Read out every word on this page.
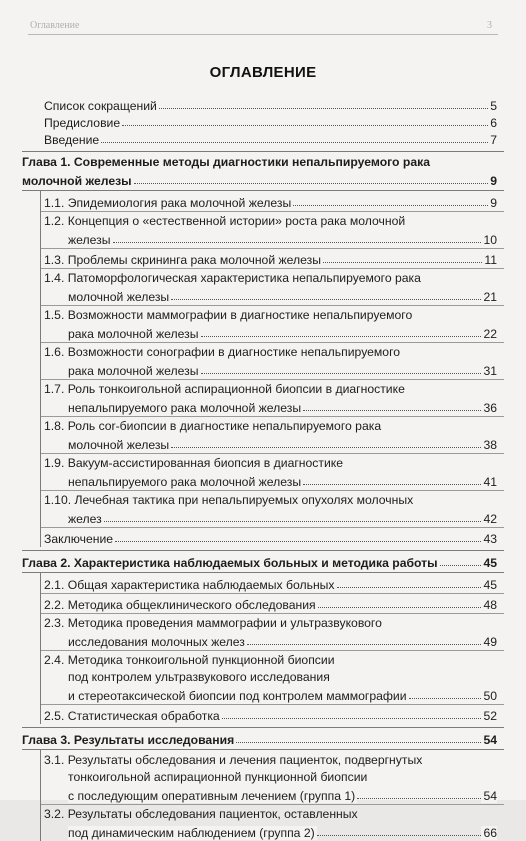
Оглавление	3
ОГЛАВЛЕНИЕ
Список сокращений	5
Предисловие	6
Введение	7
Глава 1. Современные методы диагностики непальпируемого рака
молочной железы	9
1.1. Эпидемиология рака молочной железы	9
1.2. Концепция о «естественной истории» роста рака молочной
железы	10
1.3. Проблемы скрининга рака молочной железы	11
1.4. Патоморфологическая характеристика непальпируемого рака
молочной железы	21
1.5. Возможности маммографии в диагностике непальпируемого
рака молочной железы	22
1.6. Возможности сонографии в диагностике непальпируемого
рака молочной железы	31
1.7. Роль тонкоигольной аспирационной биопсии в диагностике
непальпируемого рака молочной железы	36
1.8. Роль cor-биопсии в диагностике непальпируемого рака
молочной железы	38
1.9. Вакуум-ассистированная биопсия в диагностике
непальпируемого рака молочной железы	41
1.10. Лечебная тактика при непальпируемых опухолях молочных
желез	42
Заключение	43
Глава 2. Характеристика наблюдаемых больных и методика работы	45
2.1. Общая характеристика наблюдаемых больных	45
2.2. Методика общеклинического обследования	48
2.3. Методика проведения маммографии и ультразвукового
исследования молочных желез	49
2.4. Методика тонкоигольной пункционной биопсии
под контролем ультразвукового исследования
и стереотаксической биопсии под контролем маммографии	50
2.5. Статистическая обработка	52
Глава 3. Результаты исследования	54
3.1. Результаты обследования и лечения пациенток, подвергнутых
тонкоигольной аспирационной пункционной биопсии
с последующим оперативным лечением (группа 1)	54
3.2. Результаты обследования пациенток, оставленных
под динамическим наблюдением (группа 2)	66
